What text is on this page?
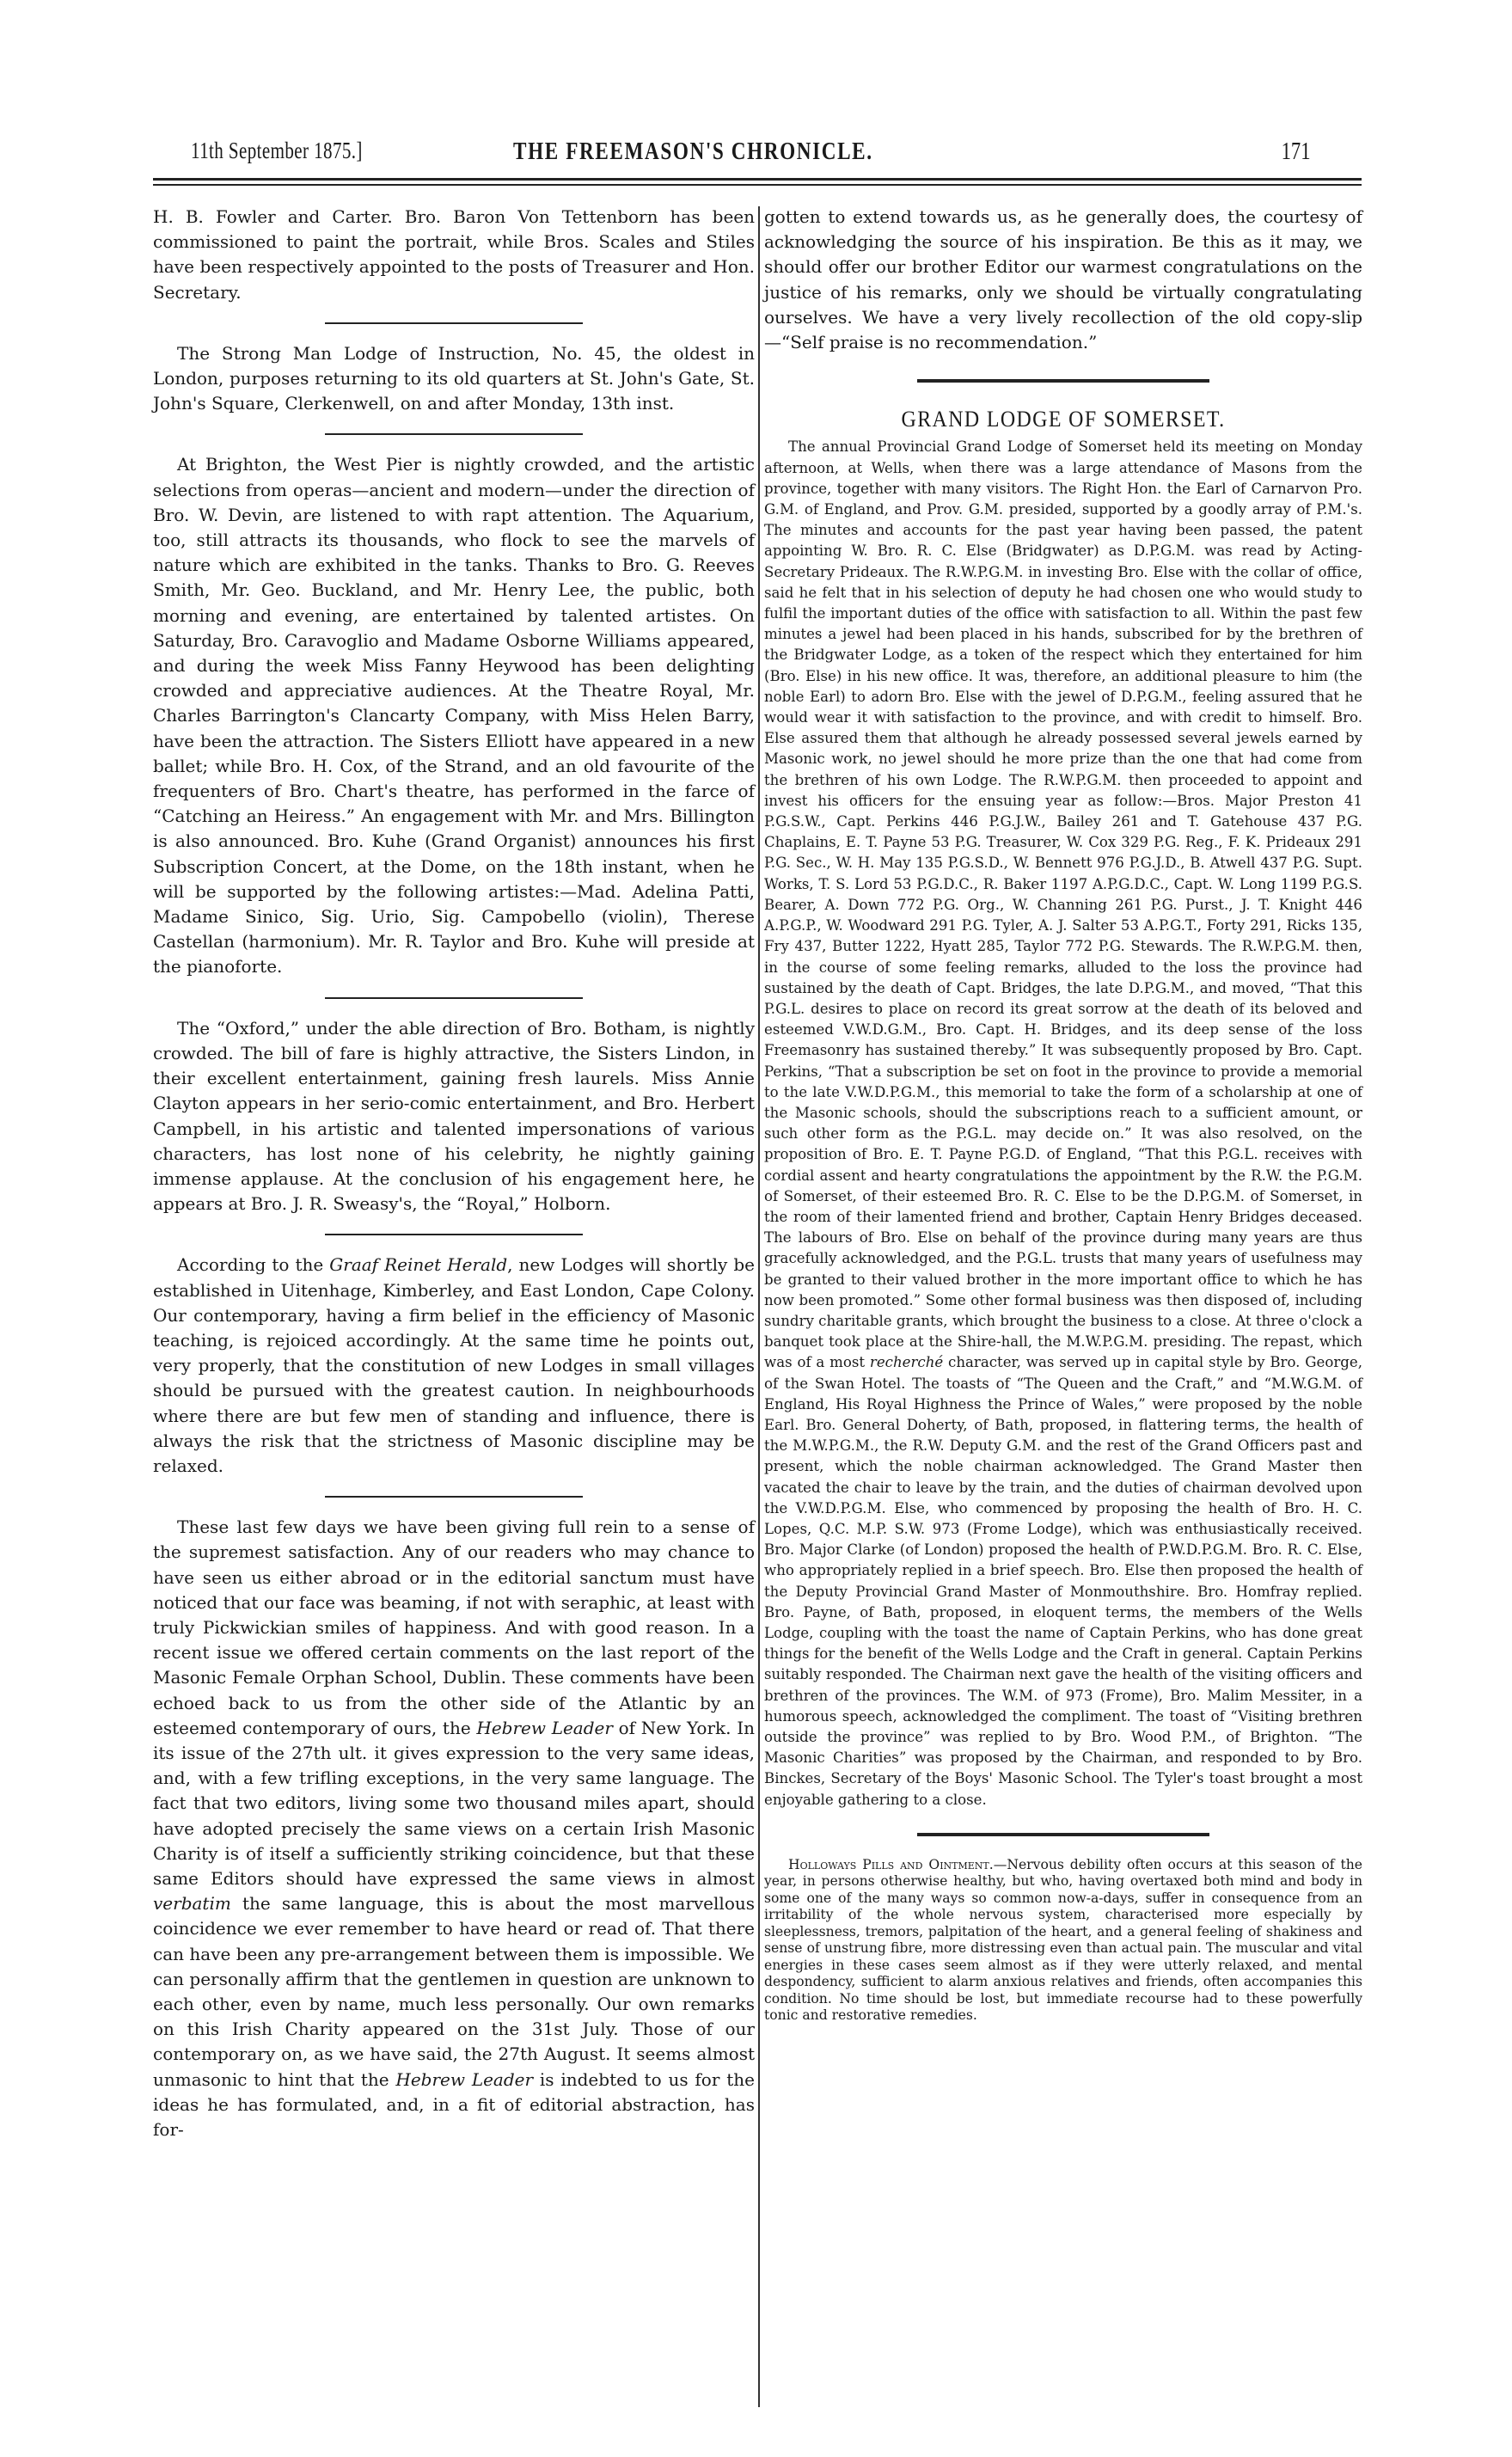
11th September 1875.]	THE FREEMASON'S CHRONICLE.	171

H. B. Fowler and Carter. Bro. Baron Von Tettenborn has been commissioned to paint the portrait, while Bros. Scales and Stiles have been respectively appointed to the posts of Treasurer and Hon. Secretary.

The Strong Man Lodge of Instruction, No. 45, the oldest in London, purposes returning to its old quarters at St. John's Gate, St. John's Square, Clerkenwell, on and after Monday, 13th inst.

At Brighton, the West Pier is nightly crowded, and the artistic selections from operas—ancient and modern—under the direction of Bro. W. Devin, are listened to with rapt attention. The Aquarium, too, still attracts its thousands, who flock to see the marvels of nature which are exhibited in the tanks. Thanks to Bro. G. Reeves Smith, Mr. Geo. Buckland, and Mr. Henry Lee, the public, both morning and evening, are entertained by talented artistes. On Saturday, Bro. Caravoglio and Madame Osborne Williams appeared, and during the week Miss Fanny Heywood has been delighting crowded and appreciative audiences. At the Theatre Royal, Mr. Charles Barrington's Clancarty Company, with Miss Helen Barry, have been the attraction. The Sisters Elliott have appeared in a new ballet; while Bro. H. Cox, of the Strand, and an old favourite of the frequenters of Bro. Chart's theatre, has performed in the farce of “Catching an Heiress.” An engagement with Mr. and Mrs. Billington is also announced. Bro. Kuhe (Grand Organist) announces his first Subscription Concert, at the Dome, on the 18th instant, when he will be supported by the following artistes:—Mad. Adelina Patti, Madame Sinico, Sig. Urio, Sig. Campobello (violin), Therese Castellan (harmonium). Mr. R. Taylor and Bro. Kuhe will preside at the pianoforte.

The “Oxford,” under the able direction of Bro. Botham, is nightly crowded. The bill of fare is highly attractive, the Sisters Lindon, in their excellent entertainment, gaining fresh laurels. Miss Annie Clayton appears in her serio-comic entertainment, and Bro. Herbert Campbell, in his artistic and talented impersonations of various characters, has lost none of his celebrity, he nightly gaining immense applause. At the conclusion of his engagement here, he appears at Bro. J. R. Sweasy's, the “Royal,” Holborn.

According to the Graaf Reinet Herald, new Lodges will shortly be established in Uitenhage, Kimberley, and East London, Cape Colony. Our contemporary, having a firm belief in the efficiency of Masonic teaching, is rejoiced accordingly. At the same time he points out, very properly, that the constitution of new Lodges in small villages should be pursued with the greatest caution. In neighbourhoods where there are but few men of standing and influence, there is always the risk that the strictness of Masonic discipline may be relaxed.

These last few days we have been giving full rein to a sense of the supremest satisfaction. Any of our readers who may chance to have seen us either abroad or in the editorial sanctum must have noticed that our face was beaming, if not with seraphic, at least with truly Pickwickian smiles of happiness. And with good reason. In a recent issue we offered certain comments on the last report of the Masonic Female Orphan School, Dublin. These comments have been echoed back to us from the other side of the Atlantic by an esteemed contemporary of ours, the Hebrew Leader of New York. In its issue of the 27th ult. it gives expression to the very same ideas, and, with a few trifling exceptions, in the very same language. The fact that two editors, living some two thousand miles apart, should have adopted precisely the same views on a certain Irish Masonic Charity is of itself a sufficiently striking coincidence, but that these same Editors should have expressed the same views in almost verbatim the same language, this is about the most marvellous coincidence we ever remember to have heard or read of. That there can have been any pre-arrangement between them is impossible. We can personally affirm that the gentlemen in question are unknown to each other, even by name, much less personally. Our own remarks on this Irish Charity appeared on the 31st July. Those of our contemporary on, as we have said, the 27th August. It seems almost unmasonic to hint that the Hebrew Leader is indebted to us for the ideas he has formulated, and, in a fit of editorial abstraction, has for-

gotten to extend towards us, as he generally does, the courtesy of acknowledging the source of his inspiration. Be this as it may, we should offer our brother Editor our warmest congratulations on the justice of his remarks, only we should be virtually congratulating ourselves. We have a very lively recollection of the old copy-slip—“Self praise is no recommendation.”

GRAND LODGE OF SOMERSET.

The annual Provincial Grand Lodge of Somerset held its meeting on Monday afternoon, at Wells, when there was a large attendance of Masons from the province, together with many visitors. The Right Hon. the Earl of Carnarvon Pro. G.M. of England, and Prov. G.M. presided, supported by a goodly array of P.M.'s. The minutes and accounts for the past year having been passed, the patent appointing W. Bro. R. C. Else (Bridgwater) as D.P.G.M. was read by Acting-Secretary Prideaux. The R.W.P.G.M. in investing Bro. Else with the collar of office, said he felt that in his selection of deputy he had chosen one who would study to fulfil the important duties of the office with satisfaction to all. Within the past few minutes a jewel had been placed in his hands, subscribed for by the brethren of the Bridgwater Lodge, as a token of the respect which they entertained for him (Bro. Else) in his new office. It was, therefore, an additional pleasure to him (the noble Earl) to adorn Bro. Else with the jewel of D.P.G.M., feeling assured that he would wear it with satisfaction to the province, and with credit to himself. Bro. Else assured them that although he already possessed several jewels earned by Masonic work, no jewel should he more prize than the one that had come from the brethren of his own Lodge. The R.W.P.G.M. then proceeded to appoint and invest his officers for the ensuing year as follow:—Bros. Major Preston 41 P.G.S.W., Capt. Perkins 446 P.G.J.W., Bailey 261 and T. Gatehouse 437 P.G. Chaplains, E. T. Payne 53 P.G. Treasurer, W. Cox 329 P.G. Reg., F. K. Prideaux 291 P.G. Sec., W. H. May 135 P.G.S.D., W. Bennett 976 P.G.J.D., B. Atwell 437 P.G. Supt. Works, T. S. Lord 53 P.G.D.C., R. Baker 1197 A.P.G.D.C., Capt. W. Long 1199 P.G.S. Bearer, A. Down 772 P.G. Org., W. Channing 261 P.G. Purst., J. T. Knight 446 A.P.G.P., W. Woodward 291 P.G. Tyler, A. J. Salter 53 A.P.G.T., Forty 291, Ricks 135, Fry 437, Butter 1222, Hyatt 285, Taylor 772 P.G. Stewards. The R.W.P.G.M. then, in the course of some feeling remarks, alluded to the loss the province had sustained by the death of Capt. Bridges, the late D.P.G.M., and moved, “That this P.G.L. desires to place on record its great sorrow at the death of its beloved and esteemed V.W.D.G.M., Bro. Capt. H. Bridges, and its deep sense of the loss Freemasonry has sustained thereby.” It was subsequently proposed by Bro. Capt. Perkins, “That a subscription be set on foot in the province to provide a memorial to the late V.W.D.P.G.M., this memorial to take the form of a scholarship at one of the Masonic schools, should the subscriptions reach to a sufficient amount, or such other form as the P.G.L. may decide on.” It was also resolved, on the proposition of Bro. E. T. Payne P.G.D. of England, “That this P.G.L. receives with cordial assent and hearty congratulations the appointment by the R.W. the P.G.M. of Somerset, of their esteemed Bro. R. C. Else to be the D.P.G.M. of Somerset, in the room of their lamented friend and brother, Captain Henry Bridges deceased. The labours of Bro. Else on behalf of the province during many years are thus gracefully acknowledged, and the P.G.L. trusts that many years of usefulness may be granted to their valued brother in the more important office to which he has now been promoted.” Some other formal business was then disposed of, including sundry charitable grants, which brought the business to a close. At three o'clock a banquet took place at the Shire-hall, the M.W.P.G.M. presiding. The repast, which was of a most recherché character, was served up in capital style by Bro. George, of the Swan Hotel. The toasts of “The Queen and the Craft,” and “M.W.G.M. of England, His Royal Highness the Prince of Wales,” were proposed by the noble Earl. Bro. General Doherty, of Bath, proposed, in flattering terms, the health of the M.W.P.G.M., the R.W. Deputy G.M. and the rest of the Grand Officers past and present, which the noble chairman acknowledged. The Grand Master then vacated the chair to leave by the train, and the duties of chairman devolved upon the V.W.D.P.G.M. Else, who commenced by proposing the health of Bro. H. C. Lopes, Q.C. M.P. S.W. 973 (Frome Lodge), which was enthusiastically received. Bro. Major Clarke (of London) proposed the health of P.W.D.P.G.M. Bro. R. C. Else, who appropriately replied in a brief speech. Bro. Else then proposed the health of the Deputy Provincial Grand Master of Monmouthshire. Bro. Homfray replied. Bro. Payne, of Bath, proposed, in eloquent terms, the members of the Wells Lodge, coupling with the toast the name of Captain Perkins, who has done great things for the benefit of the Wells Lodge and the Craft in general. Captain Perkins suitably responded. The Chairman next gave the health of the visiting officers and brethren of the provinces. The W.M. of 973 (Frome), Bro. Malim Messiter, in a humorous speech, acknowledged the compliment. The toast of “Visiting brethren outside the province” was replied to by Bro. Wood P.M., of Brighton. “The Masonic Charities” was proposed by the Chairman, and responded to by Bro. Binckes, Secretary of the Boys' Masonic School. The Tyler's toast brought a most enjoyable gathering to a close.

Holloways Pills and Ointment.—Nervous debility often occurs at this season of the year, in persons otherwise healthy, but who, having overtaxed both mind and body in some one of the many ways so common now-a-days, suffer in consequence from an irritability of the whole nervous system, characterised more especially by sleeplessness, tremors, palpitation of the heart, and a general feeling of shakiness and sense of unstrung fibre, more distressing even than actual pain. The muscular and vital energies in these cases seem almost as if they were utterly relaxed, and mental despondency, sufficient to alarm anxious relatives and friends, often accompanies this condition. No time should be lost, but immediate recourse had to these powerfully tonic and restorative remedies.
